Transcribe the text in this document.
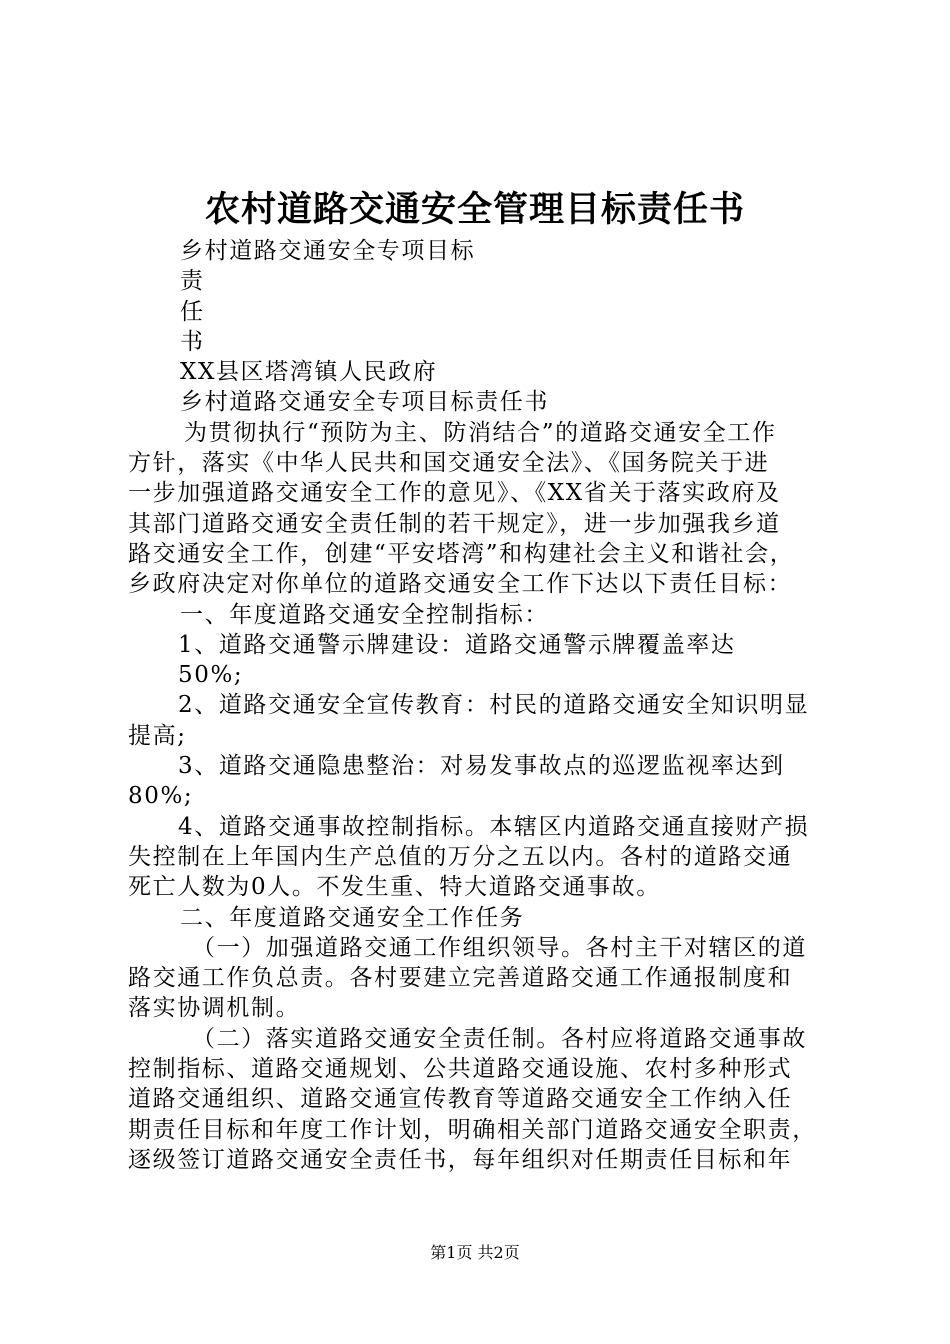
农村道路交通安全管理目标责任书
乡村道路交通安全专项目标
责
任
书
XX县区塔湾镇人民政府
乡村道路交通安全专项目标责任书
为贯彻执行“预防为主、防消结合”的道路交通安全工作
方针，落实《中华人民共和国交通安全法》、《国务院关于进
一步加强道路交通安全工作的意见》、《XX省关于落实政府及
其部门道路交通安全责任制的若干规定》，进一步加强我乡道
路交通安全工作，创建“平安塔湾”和构建社会主义和谐社会，
乡政府决定对你单位的道路交通安全工作下达以下责任目标：
一、年度道路交通安全控制指标：
1、道路交通警示牌建设：道路交通警示牌覆盖率达
50%;
2、道路交通安全宣传教育：村民的道路交通安全知识明显
提高;
3、道路交通隐患整治：对易发事故点的巡逻监视率达到
80%;
4、道路交通事故控制指标。本辖区内道路交通直接财产损
失控制在上年国内生产总值的万分之五以内。各村的道路交通
死亡人数为0人。不发生重、特大道路交通事故。
二、年度道路交通安全工作任务
（一）加强道路交通工作组织领导。各村主干对辖区的道
路交通工作负总责。各村要建立完善道路交通工作通报制度和
落实协调机制。
（二）落实道路交通安全责任制。各村应将道路交通事故
控制指标、道路交通规划、公共道路交通设施、农村多种形式
道路交通组织、道路交通宣传教育等道路交通安全工作纳入任
期责任目标和年度工作计划，明确相关部门道路交通安全职责，
逐级签订道路交通安全责任书，每年组织对任期责任目标和年
第1页 共2页
